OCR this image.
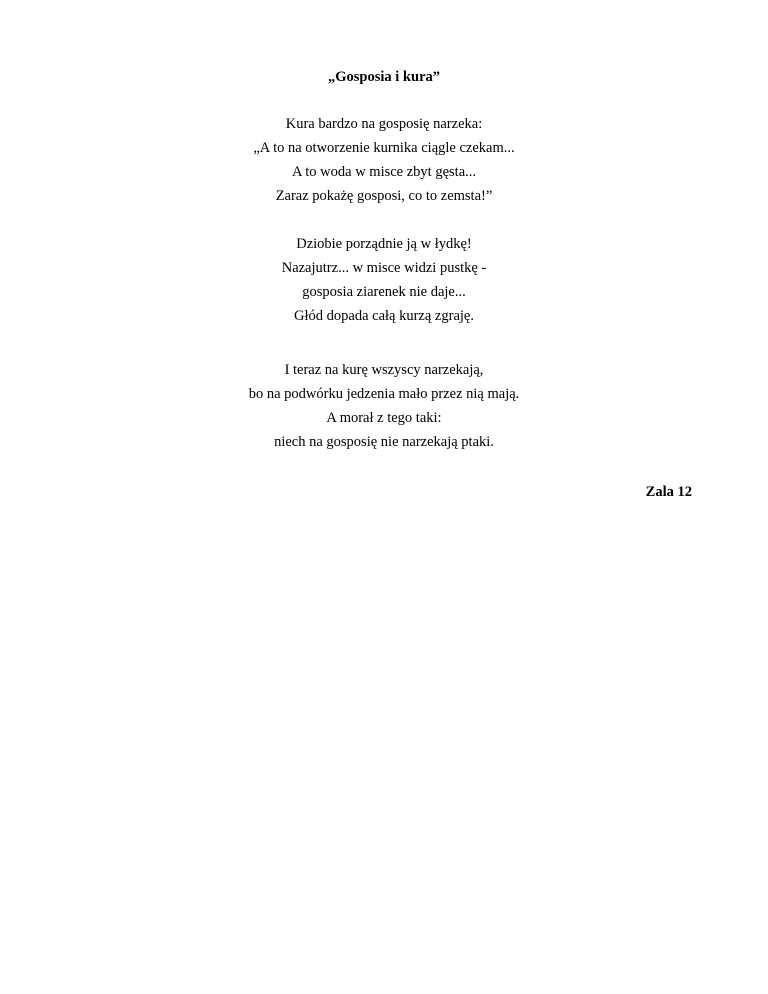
„Gosposia i kura”
Kura bardzo na gosposię narzeka:
„A to na otworzenie kurnika ciągle czekam...
A to woda w misce zbyt gęsta...
Zaraz pokażę gosposi, co to zemsta!”
Dziobie porządnie ją w łydkę!
Nazajutrz... w misce widzi pustkę -
gosposia ziarenek nie daje...
Głód dopada całą kurzą zgraję.
I teraz na kurę wszyscy narzekają,
bo na podwórku jedzenia mało przez nią mają.
A morał z tego taki:
niech na gosposię nie narzekają ptaki.
Zala 12
